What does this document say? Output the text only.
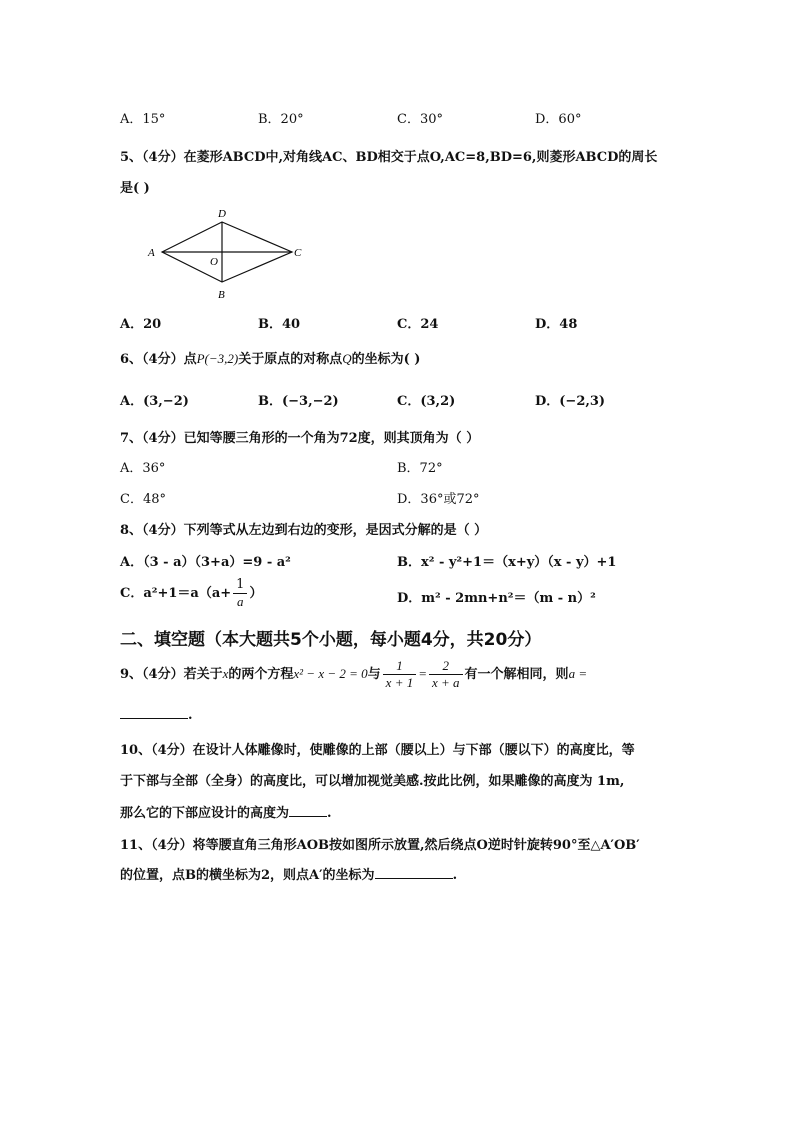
A．15°	B．20°	C．30°	D．60°
5、（4分）在菱形ABCD中,对角线AC、BD相交于点O,AC=8,BD=6,则菱形ABCD的周长
是( )
A
D
C
B
O
A．20	B．40	C．24	D．48
6、（4分）点P(−3,2)关于原点的对称点Q的坐标为( )
A．(3,−2)	B．(−3,−2)	C．(3,2)	D．(−2,3)
7、（4分）已知等腰三角形的一个角为72度，则其顶角为（ ）
A．36°	B．72°
C．48°	D．36°或72°
8、（4分）下列等式从左边到右边的变形，是因式分解的是（ ）
A．（3 - a）（3+a）=9 - a²	B．x² - y²+1＝（x+y）（x - y）+1
C．$a^2+1=a(a+ \frac{1}{a}$ ）	D．m² - 2mn+n²＝（m - n）²
二、填空题（本大题共5个小题，每小题4分，共20分）
9、（4分）若关于x的两个方程x² − x − 2 = 0与 $\frac{1}{x + 1} = \frac{2}{x + a}$ 有一个解相同，则a =
.
10、（4分）在设计人体雕像时，使雕像的上部（腰以上）与下部（腰以下）的高度比，等
于下部与全部（全身）的高度比，可以增加视觉美感.按此比例，如果雕像的高度为 1m,
那么它的下部应设计的高度为	.
11、（4分）将等腰直角三角形AOB按如图所示放置,然后绕点O逆时针旋转90°至△A′OB′
的位置，点B的横坐标为2，则点A′的坐标为	.
